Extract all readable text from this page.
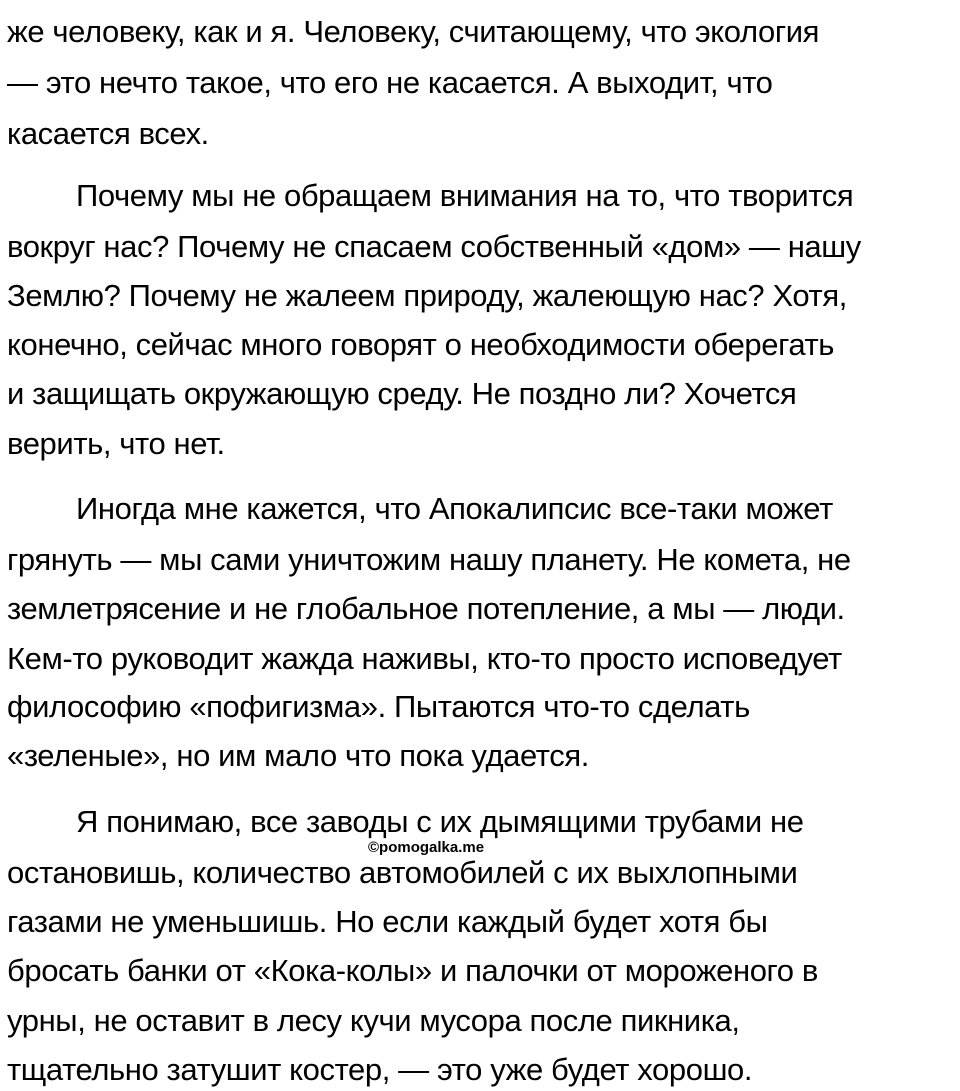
же человеку, как и я. Человеку, считающему, что экология
— это нечто такое, что его не касается. А выходит, что
касается всех.
Почему мы не обращаем внимания на то, что творится
вокруг нас? Почему не спасаем собственный «дом» — нашу
Землю? Почему не жалеем природу, жалеющую нас? Хотя,
конечно, сейчас много говорят о необходимости оберегать
и защищать окружающую среду. Не поздно ли? Хочется
верить, что нет.
Иногда мне кажется, что Апокалипсис все-таки может
грянуть — мы сами уничтожим нашу планету. Не комета, не
землетрясение и не глобальное потепление, а мы — люди.
Кем-то руководит жажда наживы, кто-то просто исповедует
философию «пофигизма». Пытаются что-то сделать
«зеленые», но им мало что пока удается.
Я понимаю, все заводы с их дымящими трубами не
остановишь, количество автомобилей с их выхлопными
газами не уменьшишь. Но если каждый будет хотя бы
бросать банки от «Кока-колы» и палочки от мороженого в
урны, не оставит в лесу кучи мусора после пикника,
тщательно затушит костер, — это уже будет хорошо.
©pomogalka.me
